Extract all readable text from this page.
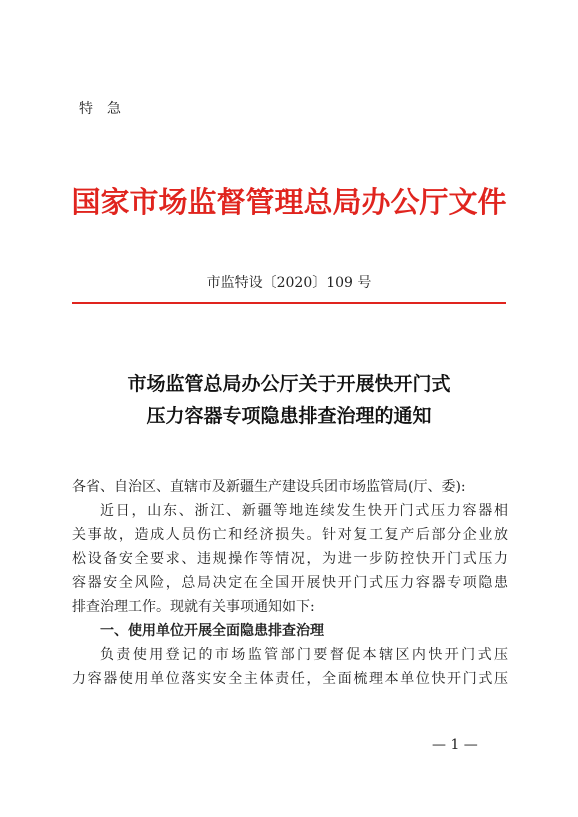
特急
国家市场监督管理总局办公厅文件
市监特设〔2020〕109 号
市场监管总局办公厅关于开展快开门式
压力容器专项隐患排查治理的通知
各省、自治区、直辖市及新疆生产建设兵团市场监管局(厅、委):
近日，山东、浙江、新疆等地连续发生快开门式压力容器相
关事故，造成人员伤亡和经济损失。针对复工复产后部分企业放
松设备安全要求、违规操作等情况，为进一步防控快开门式压力
容器安全风险，总局决定在全国开展快开门式压力容器专项隐患
排查治理工作。现就有关事项通知如下:
一、使用单位开展全面隐患排查治理
负责使用登记的市场监管部门要督促本辖区内快开门式压
力容器使用单位落实安全主体责任，全面梳理本单位快开门式压
— 1 —
